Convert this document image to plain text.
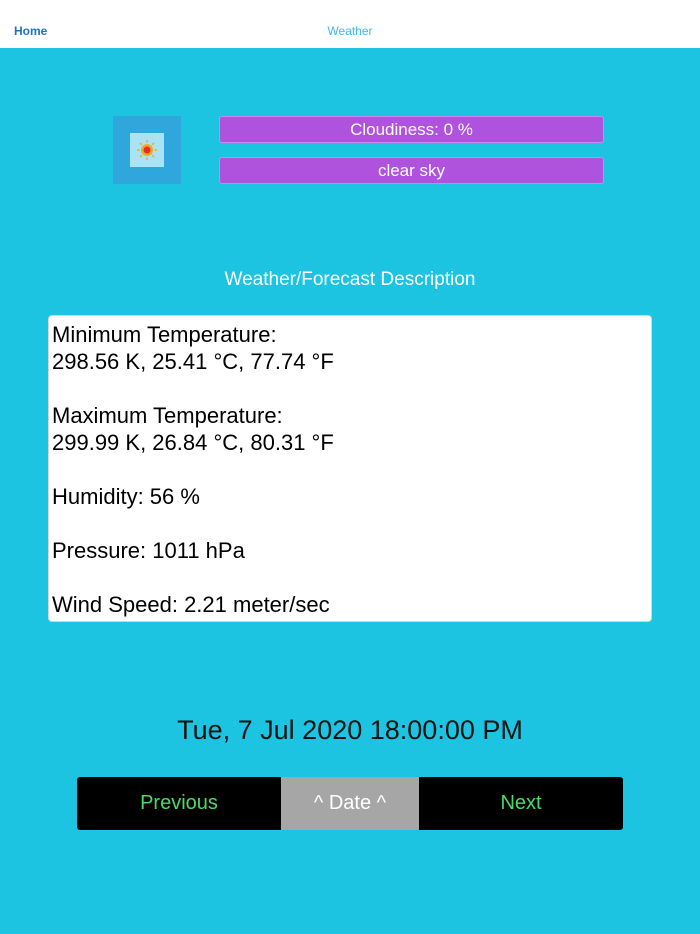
Home	Weather
Cloudiness: 0 %
clear sky
Weather/Forecast Description
Minimum Temperature:
298.56 K, 25.41 °C, 77.74 °F
Maximum Temperature:
299.99 K, 26.84 °C, 80.31 °F
Humidity: 56 %
Pressure: 1011 hPa
Wind Speed: 2.21 meter/sec
Tue, 7 Jul 2020 18:00:00 PM
Previous	^ Date ^	Next
